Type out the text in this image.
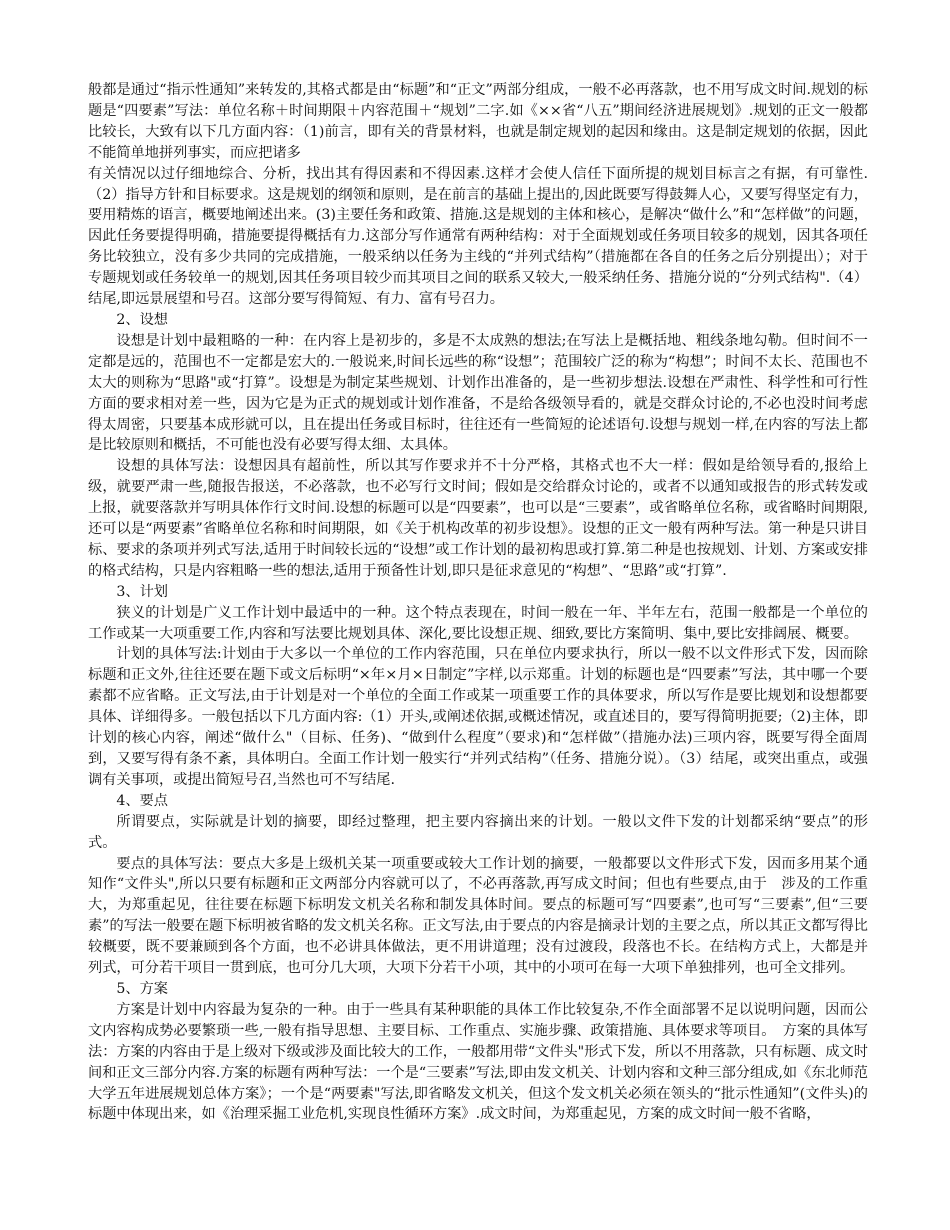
般都是通过“指示性通知”来转发的,其格式都是由“标题”和“正文”两部分组成，一般不必再落款，也不用写成文时间.规划的标题是“四要素”写法：单位名称＋时间期限＋内容范围＋“规划”二字.如《××省“八五”期间经济进展规划》.规划的正文一般都比较长，大致有以下几方面内容：（1)前言，即有关的背景材料，也就是制定规划的起因和缘由。这是制定规划的依据，因此不能简单地拼列事实，而应把诸多

有关情况以过仔细地综合、分析，找出其有得因素和不得因素.这样才会使人信任下面所提的规划目标言之有据，有可靠性.（2）指导方针和目标要求。这是规划的纲领和原则，是在前言的基础上提出的,因此既要写得鼓舞人心，又要写得坚定有力，要用精炼的语言，概要地阐述出来。(3)主要任务和政策、措施.这是规划的主体和核心，是解决“做什么”和“怎样做”的问题，因此任务要提得明确，措施要提得概括有力.这部分写作通常有两种结构：对于全面规划或任务项目较多的规划，因其各项任务比较独立，没有多少共同的完成措施，一般采纳以任务为主线的“并列式结构”（措施都在各自的任务之后分别提出）；对于专题规划或任务较单一的规划,因其任务项目较少而其项目之间的联系又较大,一般采纳任务、措施分说的“分列式结构".（4）结尾,即远景展望和号召。这部分要写得简短、有力、富有号召力。

2、设想

设想是计划中最粗略的一种：在内容上是初步的，多是不太成熟的想法;在写法上是概括地、粗线条地勾勒。但时间不一定都是远的，范围也不一定都是宏大的.一般说来,时间长远些的称“设想”；范围较广泛的称为“构想”；时间不太长、范围也不太大的则称为“思路"或“打算”。设想是为制定某些规划、计划作出准备的，是一些初步想法.设想在严肃性、科学性和可行性方面的要求相对差一些，因为它是为正式的规划或计划作准备，不是给各级领导看的，就是交群众讨论的,不必也没时间考虑得太周密，只要基本成形就可以，且在提出任务或目标时，往往还有一些简短的论述语句.设想与规划一样,在内容的写法上都是比较原则和概括，不可能也没有必要写得太细、太具体。

设想的具体写法：设想因具有超前性，所以其写作要求并不十分严格，其格式也不大一样：假如是给领导看的,报给上级，就要严肃一些,随报告报送，不必落款，也不必写行文时间；假如是交给群众讨论的，或者不以通知或报告的形式转发或上报，就要落款并写明具体作行文时间.设想的标题可以是“四要素”，也可以是“三要素”，或省略单位名称，或省略时间期限,还可以是“两要素”省略单位名称和时间期限，如《关于机构改革的初步设想》。设想的正文一般有两种写法。第一种是只讲目标、要求的条项并列式写法,适用于时间较长远的“设想”或工作计划的最初构思或打算.第二种是也按规划、计划、方案或安排的格式结构，只是内容粗略一些的想法,适用于预备性计划,即只是征求意见的“构想”、“思路”或“打算”.

3、计划

狭义的计划是广义工作计划中最适中的一种。这个特点表现在，时间一般在一年、半年左右，范围一般都是一个单位的工作或某一大项重要工作,内容和写法要比规划具体、深化,要比设想正规、细致,要比方案简明、集中,要比安排阔展、概要。

计划的具体写法:计划由于大多以一个单位的工作内容范围，只在单位内要求执行，所以一般不以文件形式下发，因而除标题和正文外,往往还要在题下或文后标明“×年×月×日制定”字样,以示郑重。计划的标题也是“四要素”写法，其中哪一个要素都不应省略。正文写法,由于计划是对一个单位的全面工作或某一项重要工作的具体要求，所以写作是要比规划和设想都要具体、详细得多。一般包括以下几方面内容:（1）开头,或阐述依据,或概述情况，或直述目的，要写得简明扼要;（2)主体，即计划的核心内容，阐述“做什么"（目标、任务)、“做到什么程度”（要求)和“怎样做”（措施办法)三项内容，既要写得全面周到，又要写得有条不紊，具体明白。全面工作计划一般实行“并列式结构”（任务、措施分说）。（3）结尾，或突出重点，或强调有关事项，或提出简短号召,当然也可不写结尾.

4、要点

所谓要点，实际就是计划的摘要，即经过整理，把主要内容摘出来的计划。一般以文件下发的计划都采纳“要点”的形式。

要点的具体写法：要点大多是上级机关某一项重要或较大工作计划的摘要，一般都要以文件形式下发，因而多用某个通知作“文件头",所以只要有标题和正文两部分内容就可以了，不必再落款,再写成文时间；但也有些要点,由于　涉及的工作重大，为郑重起见，往往要在标题下标明发文机关名称和制发具体时间。要点的标题可写“四要素”,也可写“三要素”,但“三要素”的写法一般要在题下标明被省略的发文机关名称。正文写法,由于要点的内容是摘录计划的主要之点，所以其正文都写得比较概要，既不要兼顾到各个方面，也不必讲具体做法，更不用讲道理；没有过渡段，段落也不长。在结构方式上，大都是并列式，可分若干项目一贯到底，也可分几大项，大项下分若干小项，其中的小项可在每一大项下单独排列，也可全文排列。

5、方案

方案是计划中内容最为复杂的一种。由于一些具有某种职能的具体工作比较复杂,不作全面部署不足以说明问题，因而公文内容构成势必要繁琐一些,一般有指导思想、主要目标、工作重点、实施步骤、政策措施、具体要求等项目。　方案的具体写法：方案的内容由于是上级对下级或涉及面比较大的工作，一般都用带“文件头"形式下发，所以不用落款，只有标题、成文时间和正文三部分内容.方案的标题有两种写法：一个是“三要素”写法,即由发文机关、计划内容和文种三部分组成,如《东北师范大学五年进展规划总体方案》；一个是“两要素"写法,即省略发文机关，但这个发文机关必须在领头的“批示性通知”(文件头)的标题中体现出来，如《治理采掘工业危机,实现良性循环方案》.成文时间，为郑重起见，方案的成文时间一般不省略，
